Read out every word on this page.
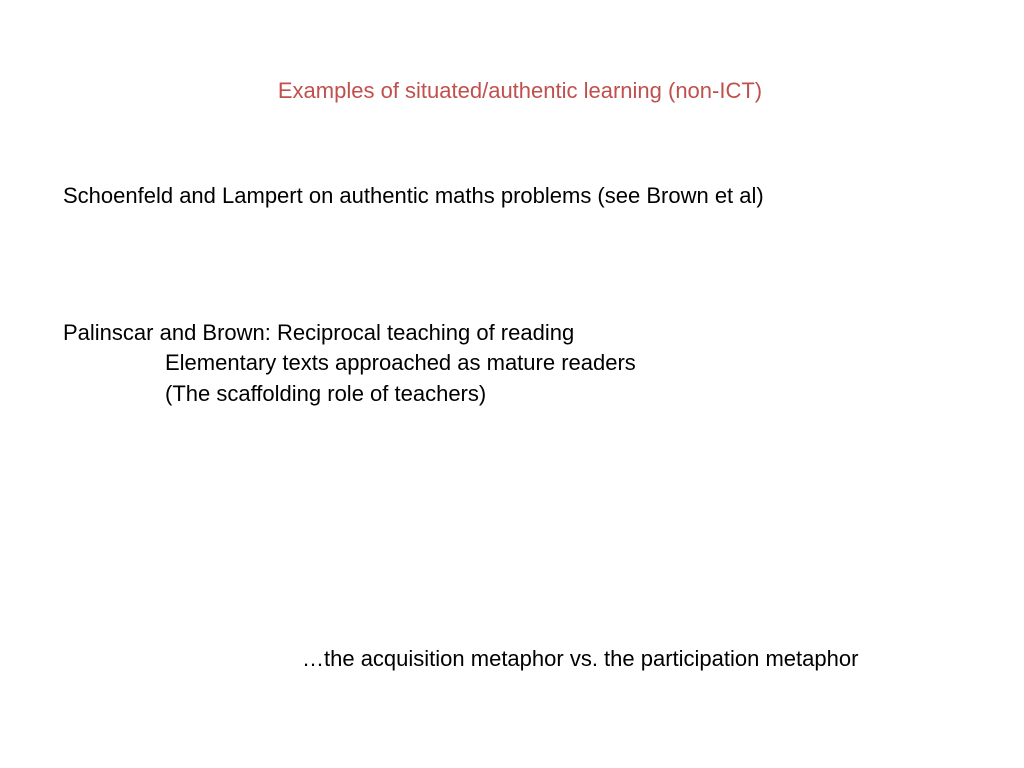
Examples of situated/authentic learning (non-ICT)
Schoenfeld and Lampert on authentic maths problems (see Brown et al)
Palinscar and Brown: Reciprocal teaching of reading
Elementary texts approached as mature readers
(The scaffolding role of teachers)
…the acquisition metaphor vs. the participation metaphor
